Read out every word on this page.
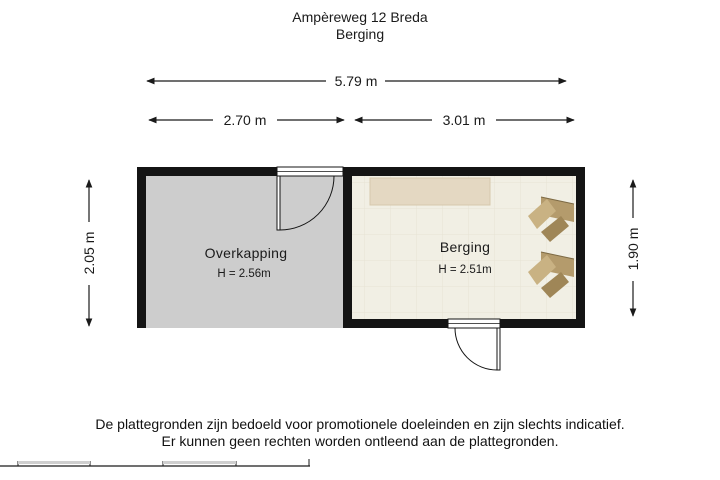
Ampèreweg 12 Breda
Berging
5.79 m
2.70 m	3.01 m
2.05 m	1.90 m
Overkapping
H = 2.56m
Berging
H = 2.51m
De plattegronden zijn bedoeld voor promotionele doeleinden en zijn slechts indicatief.
Er kunnen geen rechten worden ontleend aan de plattegronden.
